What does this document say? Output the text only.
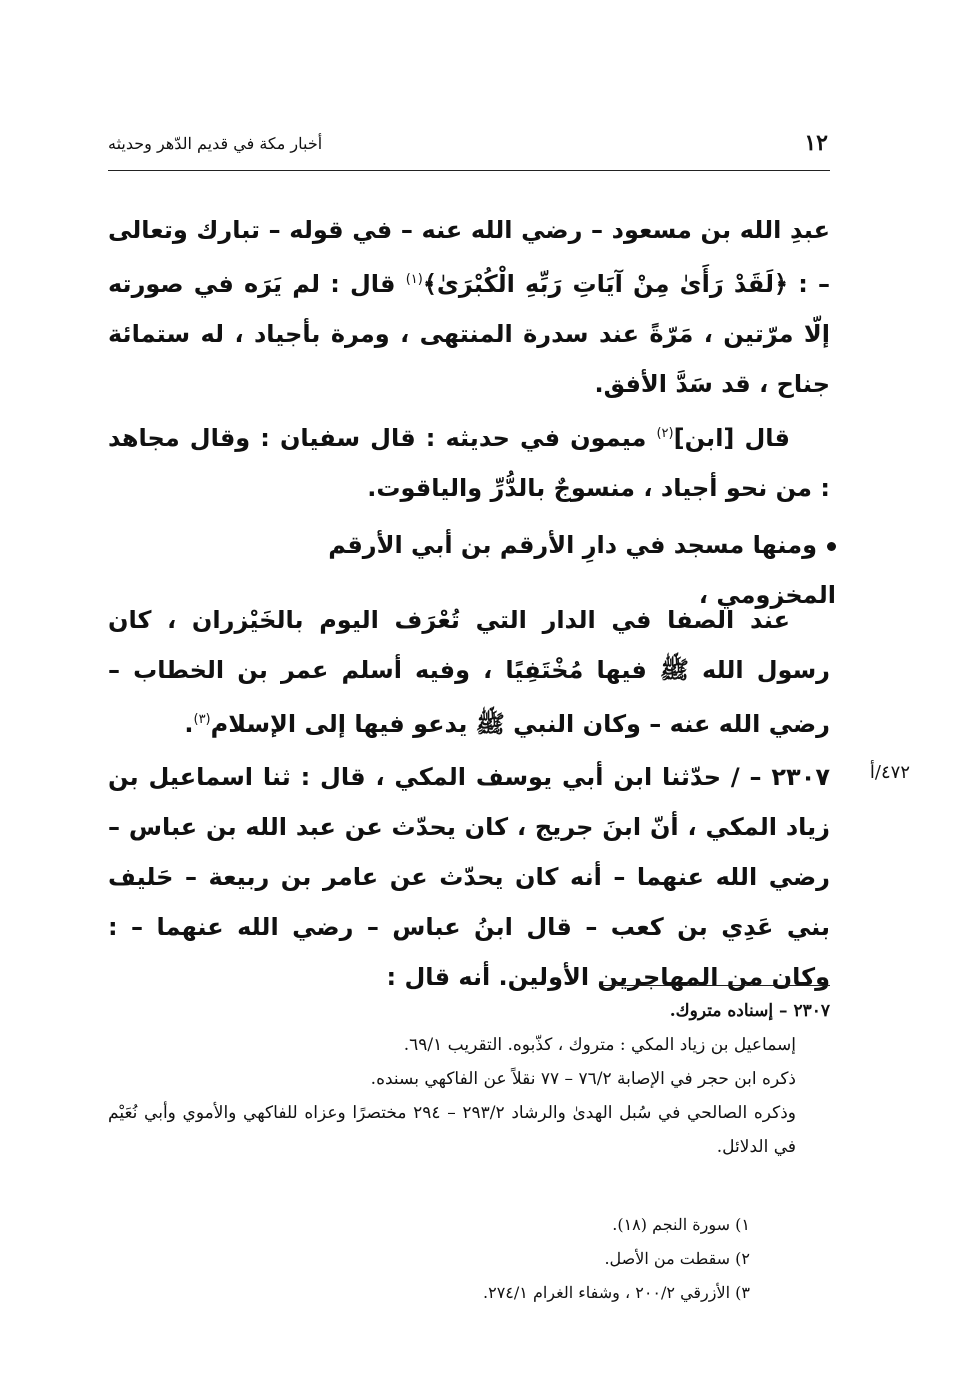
١٢
أخبار مكة في قديم الدّهر وحديثه

عبدِ الله بن مسعود – رضي الله عنه – في قوله – تبارك وتعالى – : ﴿لَقَدْ رَأَىٰ مِنْ آيَاتِ رَبِّهِ الْكُبْرَىٰ﴾$^{(١)}$ قال : لم يَرَه في صورته إلّا مرّتين ، مَرّةً عند سدرة المنتهى ، ومرة بأجياد ، له ستمائة جناح ، قد سَدَّ الأفق.

قال [ابن]$^{(٢)}$ ميمون في حديثه : قال سفيان : وقال مجاهد : من نحو أجياد ، منسوجٌ بالدُّرِّ والياقوت.

ومنها مسجد في دارِ الأرقم بن أبي الأرقم المخزومي ،

عند الصفا في الدار التي تُعْرَف اليوم بالخَيْزران ، كان رسول الله ﷺ فيها مُخْتَفِيًا ، وفيه أسلم عمر بن الخطاب – رضي الله عنه – وكان النبي ﷺ يدعو فيها إلى الإسلام$^{(٣)}$.

٤٧٢/أ

٢٣٠٧ – / حدّثنا ابن أبي يوسف المكي ، قال : ثنا اسماعيل بن زياد المكي ، أنّ ابنَ جريج ، كان يحدّث عن عبد الله بن عباس – رضي الله عنهما – أنه كان يحدّث عن عامر بن ربيعة – حَليف بني عَدِي بن كعب – قال ابنُ عباس – رضي الله عنهما – : وكان من المهاجرين الأولين. أنه قال :

٢٣٠٧ – إسناده متروك.

إسماعيل بن زياد المكي : متروك ، كذّبوه. التقريب ٦٩/١.

ذكره ابن حجر في الإصابة ٧٦/٢ – ٧٧ نقلاً عن الفاكهي بسنده.

وذكره الصالحي في سُبل الهدىٰ والرشاد ٢٩٣/٢ – ٢٩٤ مختصرًا وعزاه للفاكهي والأموي وأبي نُعَيْم في الدلائل.

١) سورة النجم (١٨).

٢) سقطت من الأصل.

٣) الأزرقي ٢٠٠/٢ ، وشفاء الغرام ٢٧٤/١.
